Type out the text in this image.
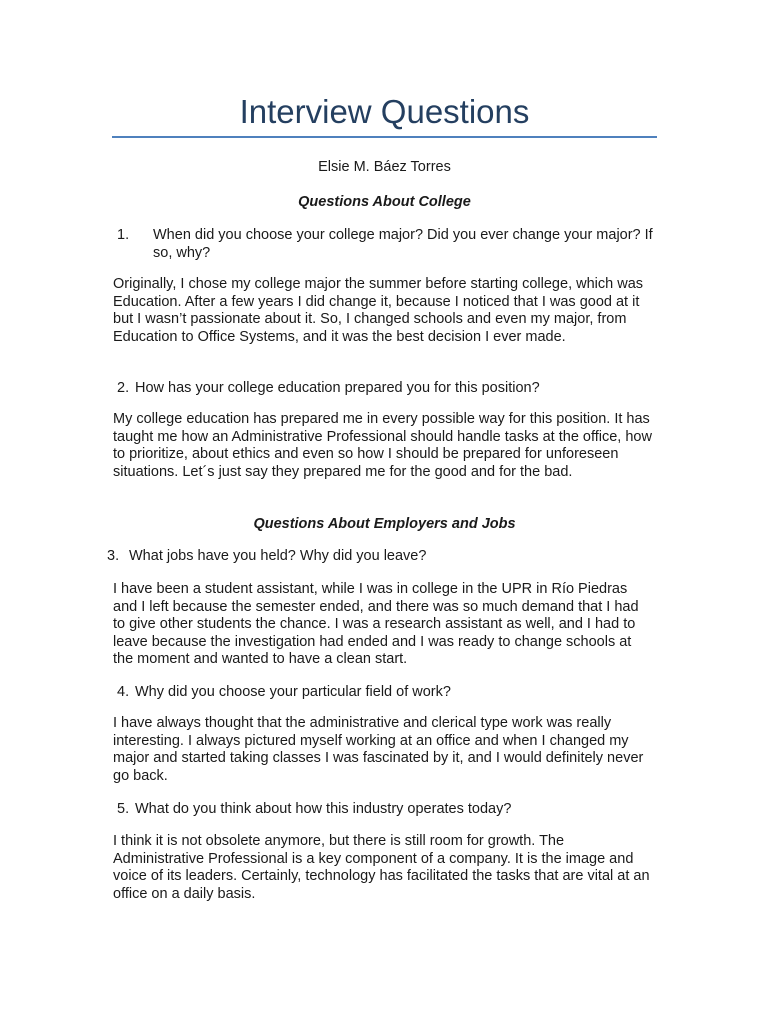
Interview Questions
Elsie M. Báez Torres
Questions About College
1.	When did you choose your college major? Did you ever change your major? If so, why?
Originally, I chose my college major the summer before starting college, which was Education. After a few years I did change it, because I noticed that I was good at it but I wasn’t passionate about it. So, I changed schools and even my major, from Education to Office Systems, and it was the best decision I ever made.
2. How has your college education prepared you for this position?
My college education has prepared me in every possible way for this position. It has taught me how an Administrative Professional should handle tasks at the office, how to prioritize, about ethics and even so how I should be prepared for unforeseen situations. Let´s just say they prepared me for the good and for the bad.
Questions About Employers and Jobs
3. What jobs have you held? Why did you leave?
I have been a student assistant, while I was in college in the UPR in Río Piedras and I left because the semester ended, and there was so much demand that I had to give other students the chance. I was a research assistant as well, and I had to leave because the investigation had ended and I was ready to change schools at the moment and wanted to have a clean start.
4. Why did you choose your particular field of work?
I have always thought that the administrative and clerical type work was really interesting. I always pictured myself working at an office and when I changed my major and started taking classes I was fascinated by it, and I would definitely never go back.
5. What do you think about how this industry operates today?
I think it is not obsolete anymore, but there is still room for growth. The Administrative Professional is a key component of a company. It is the image and voice of its leaders. Certainly, technology has facilitated the tasks that are vital at an office on a daily basis.
